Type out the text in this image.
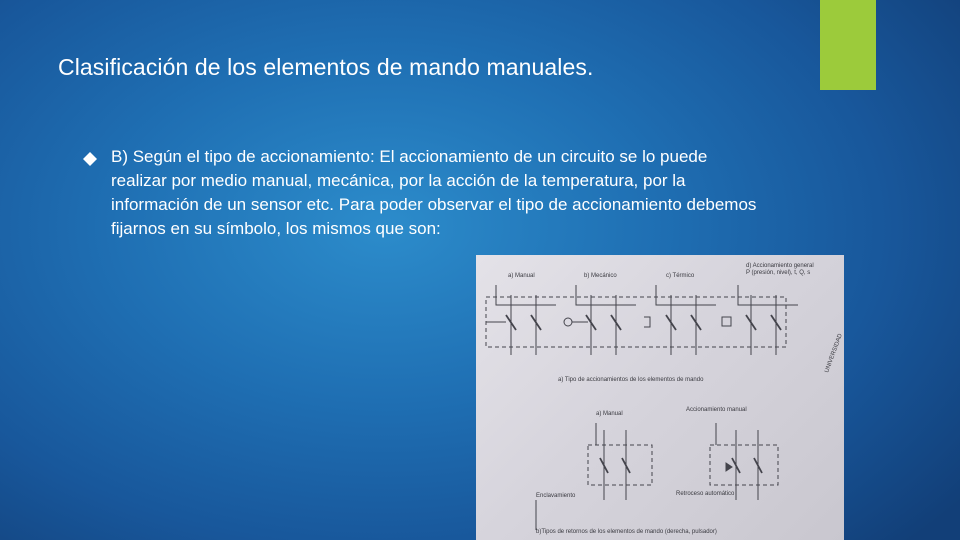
Clasificación de los elementos de mando manuales.
B) Según el tipo de accionamiento: El accionamiento de un circuito se lo puede realizar por medio manual, mecánica, por la acción de la temperatura, por la información de un sensor etc. Para poder observar el tipo de accionamiento debemos fijarnos en su símbolo, los mismos que son:
a) Manual	b) Mecánico	c) Térmico
d) Accionamiento general
P (presión, nivel), t, Q, s
a) Tipo de accionamientos de los elementos de mando
a) Manual
Accionamiento manual
Enclavamiento	Retroceso automático
b)Tipos de retornos de los elementos de mando (derecha, pulsador)
UNIVERSIDAD
